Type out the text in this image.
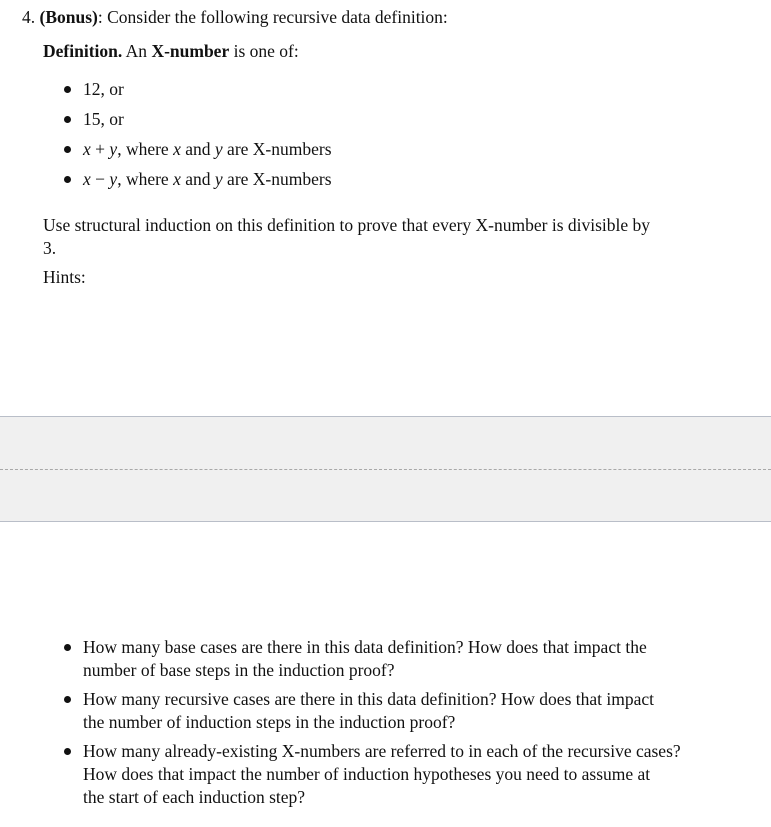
4. (Bonus): Consider the following recursive data definition:
Definition. An X-number is one of:
12, or
15, or
x + y, where x and y are X-numbers
x − y, where x and y are X-numbers
Use structural induction on this definition to prove that every X-number is divisible by
3.
Hints:
How many base cases are there in this data definition? How does that impact the
number of base steps in the induction proof?
How many recursive cases are there in this data definition? How does that impact
the number of induction steps in the induction proof?
How many already-existing X-numbers are referred to in each of the recursive cases?
How does that impact the number of induction hypotheses you need to assume at
the start of each induction step?
